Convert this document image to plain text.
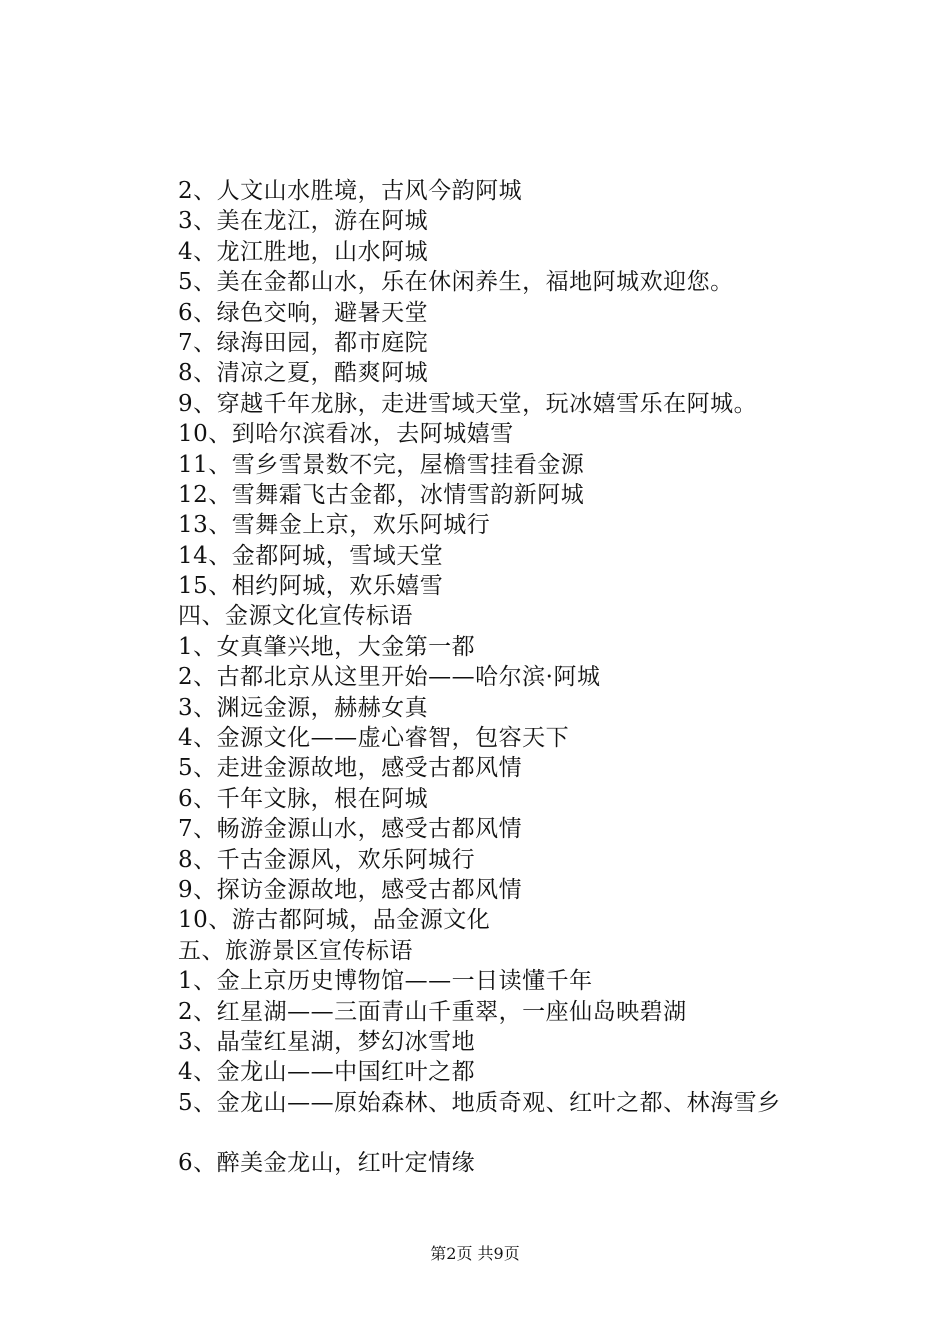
2、人文山水胜境，古风今韵阿城
3、美在龙江，游在阿城
4、龙江胜地，山水阿城
5、美在金都山水，乐在休闲养生，福地阿城欢迎您。
6、绿色交响，避暑天堂
7、绿海田园，都市庭院
8、清凉之夏，酷爽阿城
9、穿越千年龙脉，走进雪域天堂，玩冰嬉雪乐在阿城。
10、到哈尔滨看冰，去阿城嬉雪
11、雪乡雪景数不完，屋檐雪挂看金源
12、雪舞霜飞古金都，冰情雪韵新阿城
13、雪舞金上京，欢乐阿城行
14、金都阿城，雪域天堂
15、相约阿城，欢乐嬉雪
四、金源文化宣传标语
1、女真肇兴地，大金第一都
2、古都北京从这里开始——哈尔滨·阿城
3、渊远金源，赫赫女真
4、金源文化——虚心睿智，包容天下
5、走进金源故地，感受古都风情
6、千年文脉，根在阿城
7、畅游金源山水，感受古都风情
8、千古金源风，欢乐阿城行
9、探访金源故地，感受古都风情
10、游古都阿城，品金源文化
五、旅游景区宣传标语
1、金上京历史博物馆——一日读懂千年
2、红星湖——三面青山千重翠，一座仙岛映碧湖
3、晶莹红星湖，梦幻冰雪地
4、金龙山——中国红叶之都
5、金龙山——原始森林、地质奇观、红叶之都、林海雪乡
6、醉美金龙山，红叶定情缘
第2页 共9页
